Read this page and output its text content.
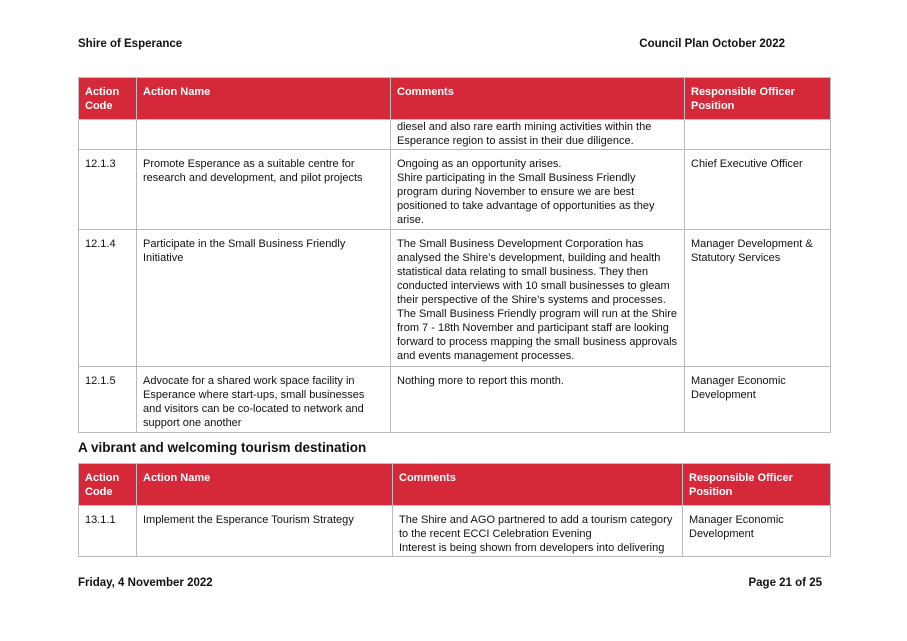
Shire of Esperance	Council Plan October 2022
Action Code	Action Name	Comments	Responsible Officer Position

		diesel and also rare earth mining activities within the
Esperance region to assist in their due diligence.	

12.1.3	Promote Esperance as a suitable centre for research and development, and pilot projects	Ongoing as an opportunity arises.
Shire participating in the Small Business Friendly program during November to ensure we are best positioned to take advantage of opportunities as they arise.	Chief Executive Officer
12.1.4	Participate in the Small Business Friendly Initiative	The Small Business Development Corporation has analysed the Shire’s development, building and health statistical data relating to small business. They then conducted interviews with 10 small businesses to gleam their perspective of the Shire’s systems and processes. The Small Business Friendly program will run at the Shire from 7 - 18th November and participant staff are looking forward to process mapping the small business approvals and events management processes.	Manager Development & Statutory Services
12.1.5	Advocate for a shared work space facility in Esperance where start-ups, small businesses and visitors can be co-located to network and support one another	Nothing more to report this month.	Manager Economic Development
A vibrant and welcoming tourism destination
Action Code	Action Name	Comments	Responsible Officer Position
13.1.1	Implement the Esperance Tourism Strategy	The Shire and AGO partnered to add a tourism category to the recent ECCI Celebration Evening
Interest is being shown from developers into delivering	Manager Economic Development
Friday, 4 November 2022	Page 21 of 25
